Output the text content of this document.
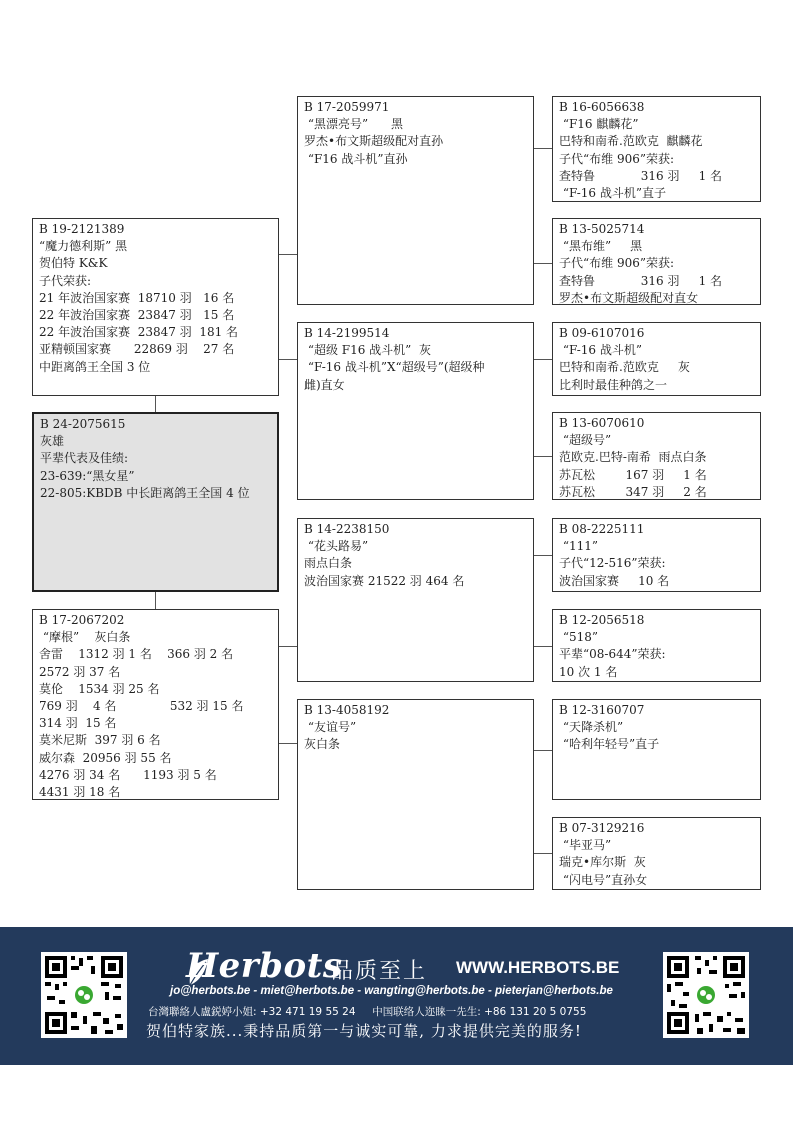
B 19-2121389
“魔力德利斯” 黑
贺伯特 K&K
子代荣获:
21 年波治国家赛  18710 羽   16 名
22 年波治国家赛  23847 羽   15 名
22 年波治国家赛  23847 羽  181 名
亚精顿国家赛      22869 羽    27 名
中距离鸽王全国 3 位
B 24-2075615
灰雄
平辈代表及佳绩:
23-639:“黑女星”
22-805:KBDB 中长距离鸽王全国 4 位
B 17-2067202
“摩根”    灰白条
舍雷    1312 羽 1 名    366 羽 2 名
2572 羽 37 名
莫伦    1534 羽 25 名
769 羽    4 名              532 羽 15 名
314 羽  15 名
莫米尼斯  397 羽 6 名
威尔森  20956 羽 55 名
4276 羽 34 名      1193 羽 5 名
4431 羽 18 名
B 17-2059971
“黑漂亮号”      黑
罗杰•布文斯超级配对直孙
“F16 战斗机”直孙
B 14-2199514
“超级 F16 战斗机”  灰
“F-16 战斗机”X“超级号”(超级种
雌)直女
B 14-2238150
“花头路易”
雨点白条
波治国家赛 21522 羽 464 名
B 13-4058192
“友谊号”
灰白条
B 16-6056638
“F16 麒麟花”
巴特和南希.范欧克  麒麟花
子代“布维 906”荣获:
查特鲁            316 羽     1 名
“F-16 战斗机”直子
B 13-5025714
“黑布维”     黑
子代“布维 906”荣获:
查特鲁            316 羽     1 名
罗杰•布文斯超级配对直女
B 09-6107016
“F-16 战斗机”
巴特和南希.范欧克     灰
比利时最佳种鸽之一
B 13-6070610
“超级号”
范欧克.巴特-南希  雨点白条
苏瓦松        167 羽     1 名
苏瓦松        347 羽     2 名
B 08-2225111
“111”
子代“12-516”荣获:
波治国家赛     10 名
B 12-2056518
“518”
平辈“08-644”荣获:
10 次 1 名
B 12-3160707
“天降杀机”
“哈利年轻号”直子
B 07-3129216
“毕亚马”
瑞克•库尔斯  灰
“闪电号”直孙女
Herbots
品质至上 WWW.HERBOTS.BE
jo@herbots.be - miet@herbots.be - wangting@herbots.be - pieterjan@herbots.be
台灣聯絡人盧鋭婷小姐: +32 471 19 55 24     中国联络人迩睐一先生: +86 131 20 5 0755
贺伯特家族...秉持品质第一与诚实可靠, 力求提供完美的服务!
